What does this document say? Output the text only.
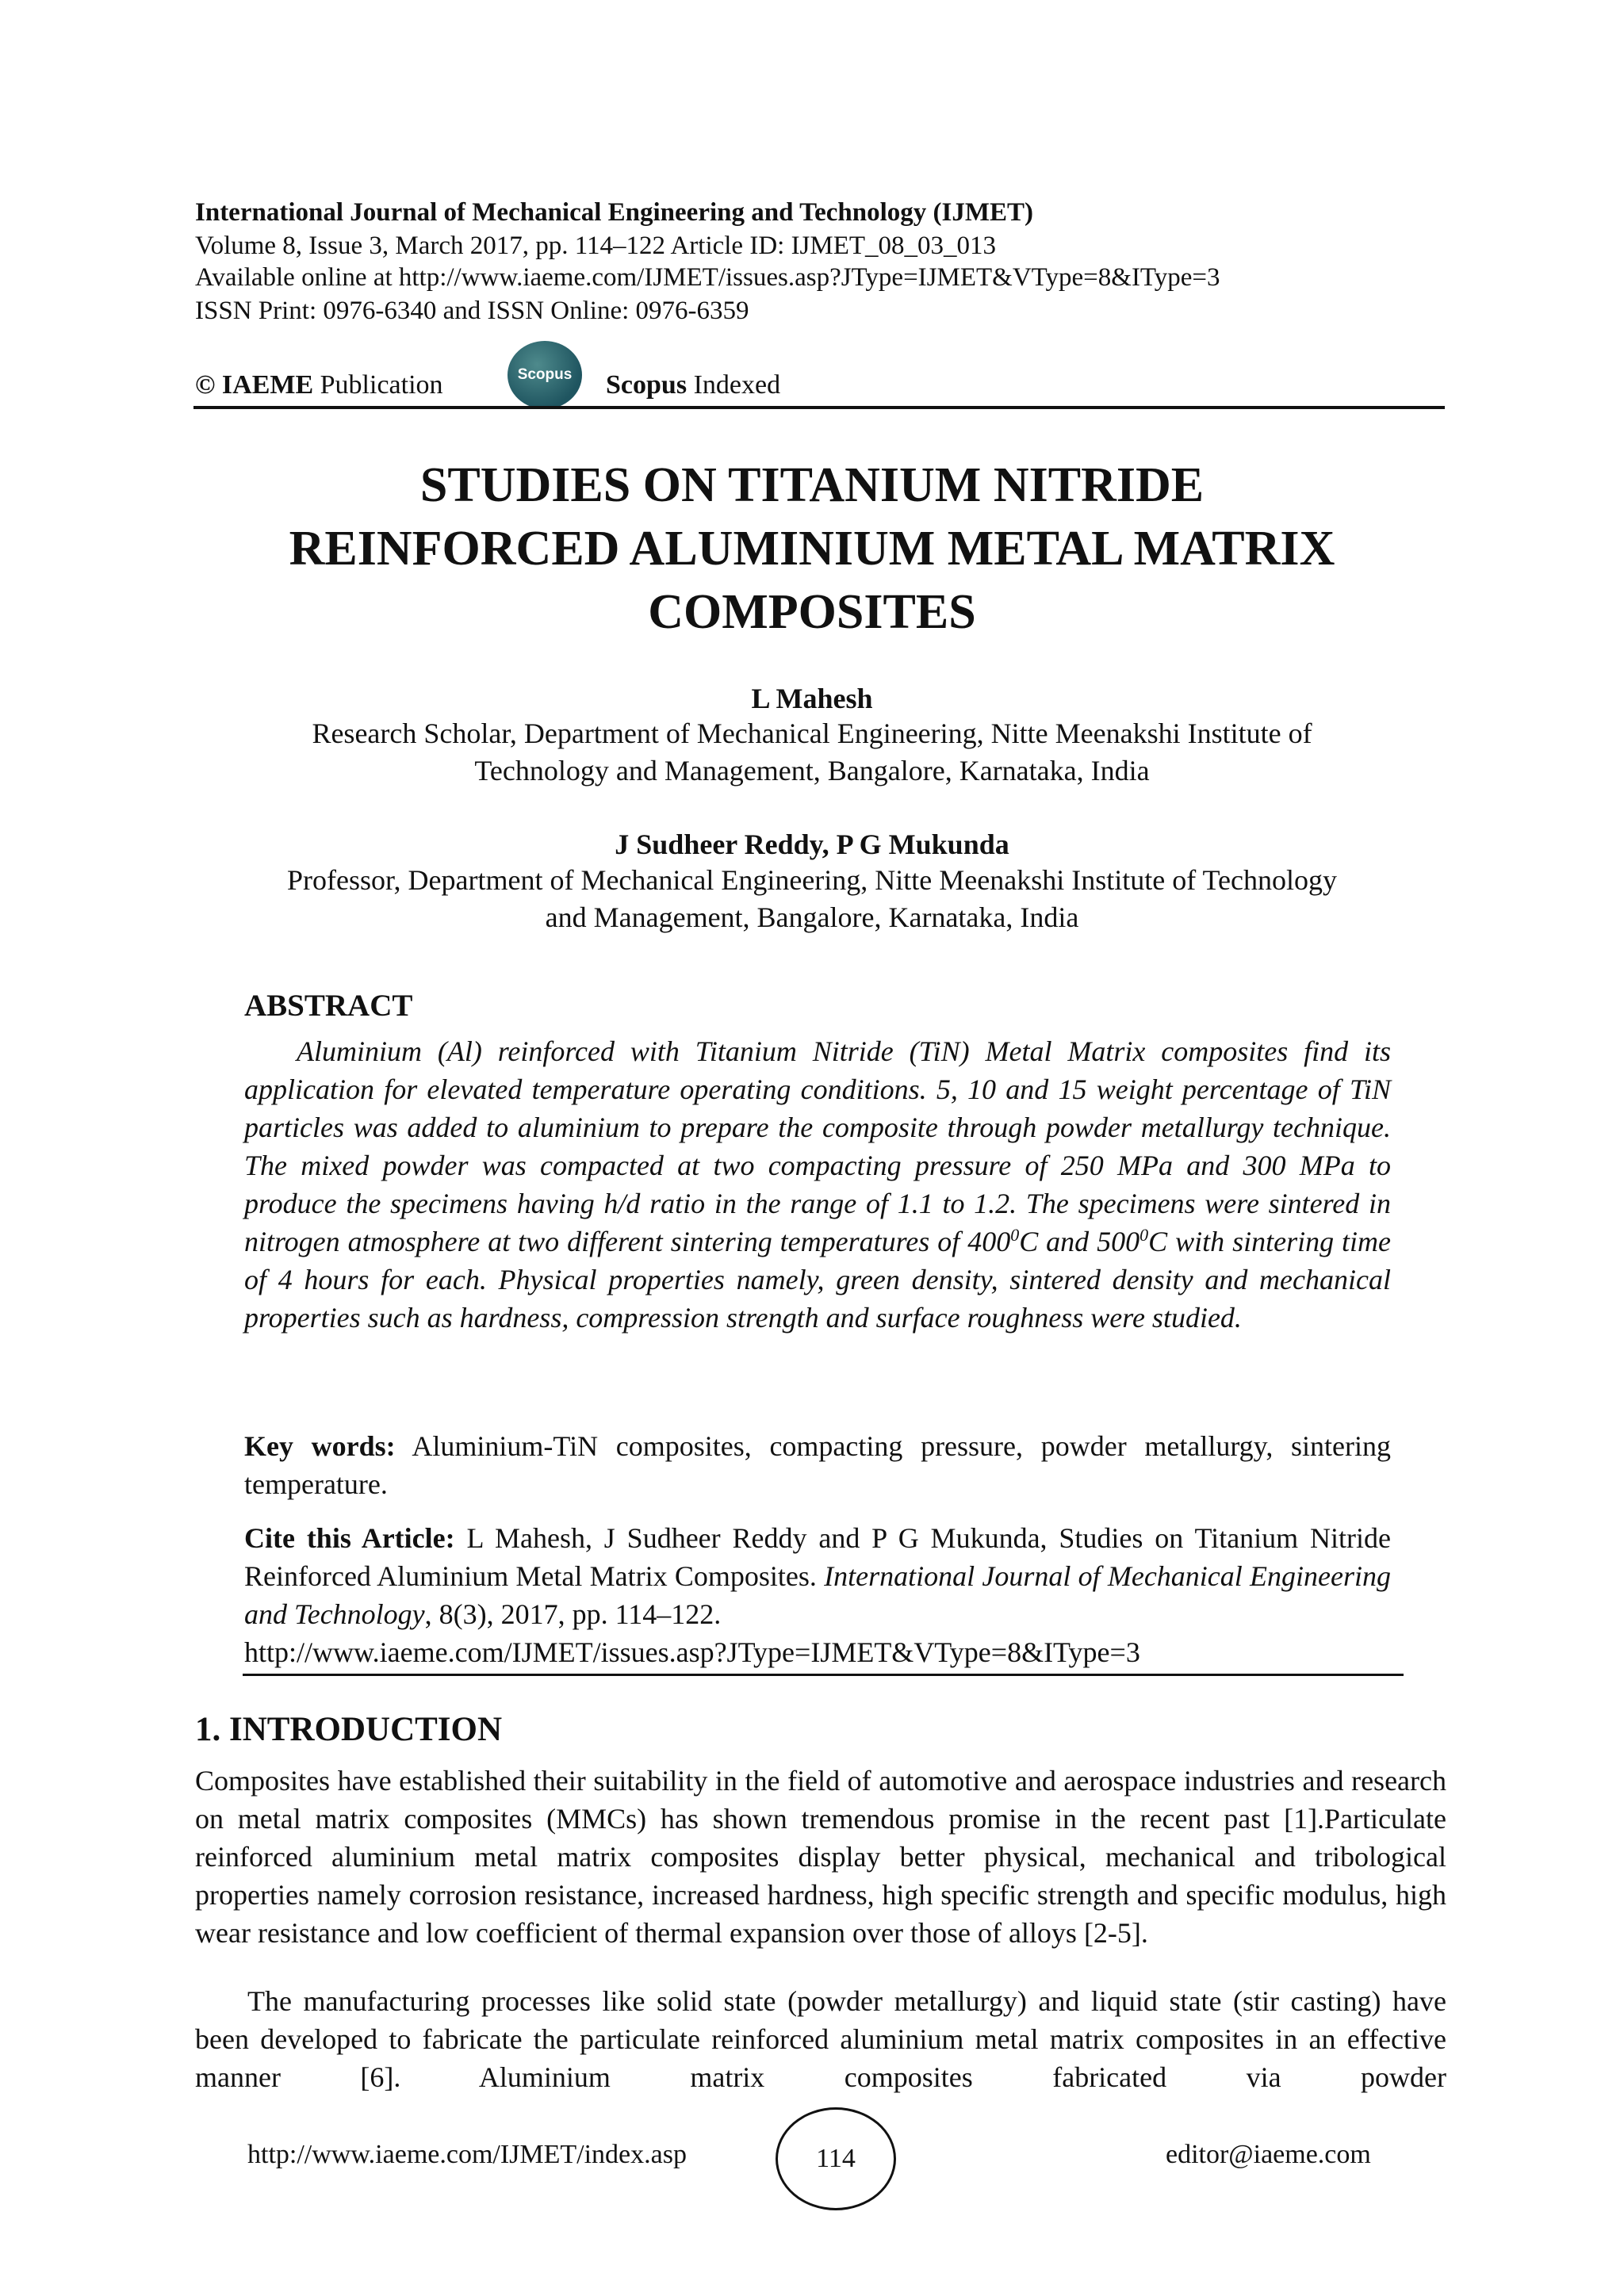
International Journal of Mechanical Engineering and Technology (IJMET)
Volume 8, Issue 3, March 2017, pp. 114–122 Article ID: IJMET_08_03_013
Available online at http://www.iaeme.com/IJMET/issues.asp?JType=IJMET&VType=8&IType=3
ISSN Print: 0976-6340 and ISSN Online: 0976-6359
© IAEME Publication	Scopus Scopus Indexed
STUDIES ON TITANIUM NITRIDE
REINFORCED ALUMINIUM METAL MATRIX
COMPOSITES
L Mahesh
Research Scholar, Department of Mechanical Engineering, Nitte Meenakshi Institute of
Technology and Management, Bangalore, Karnataka, India
J Sudheer Reddy, P G Mukunda
Professor, Department of Mechanical Engineering, Nitte Meenakshi Institute of Technology
and Management, Bangalore, Karnataka, India
ABSTRACT
Aluminium (Al) reinforced with Titanium Nitride (TiN) Metal Matrix composites find its application for elevated temperature operating conditions. 5, 10 and 15 weight percentage of TiN particles was added to aluminium to prepare the composite through powder metallurgy technique. The mixed powder was compacted at two compacting pressure of 250 MPa and 300 MPa to produce the specimens having h/d ratio in the range of 1.1 to 1.2. The specimens were sintered in nitrogen atmosphere at two different sintering temperatures of $400^0C$ and $500^0C$ with sintering time of 4 hours for each. Physical properties namely, green density, sintered density and mechanical properties such as hardness, compression strength and surface roughness were studied.
Key words: Aluminium-TiN composites, compacting pressure, powder metallurgy, sintering temperature.
Cite this Article: L Mahesh, J Sudheer Reddy and P G Mukunda, Studies on Titanium Nitride Reinforced Aluminium Metal Matrix Composites. International Journal of Mechanical Engineering and Technology, 8(3), 2017, pp. 114–122.
http://www.iaeme.com/IJMET/issues.asp?JType=IJMET&VType=8&IType=3
1. INTRODUCTION
Composites have established their suitability in the field of automotive and aerospace industries and research on metal matrix composites (MMCs) has shown tremendous promise in the recent past [1].Particulate reinforced aluminium metal matrix composites display better physical, mechanical and tribological properties namely corrosion resistance, increased hardness, high specific strength and specific modulus, high wear resistance and low coefficient of thermal expansion over those of alloys [2-5].
The manufacturing processes like solid state (powder metallurgy) and liquid state (stir casting) have been developed to fabricate the particulate reinforced aluminium metal matrix composites in an effective manner [6]. Aluminium matrix composites fabricated via powder
http://www.iaeme.com/IJMET/index.asp	114	editor@iaeme.com
